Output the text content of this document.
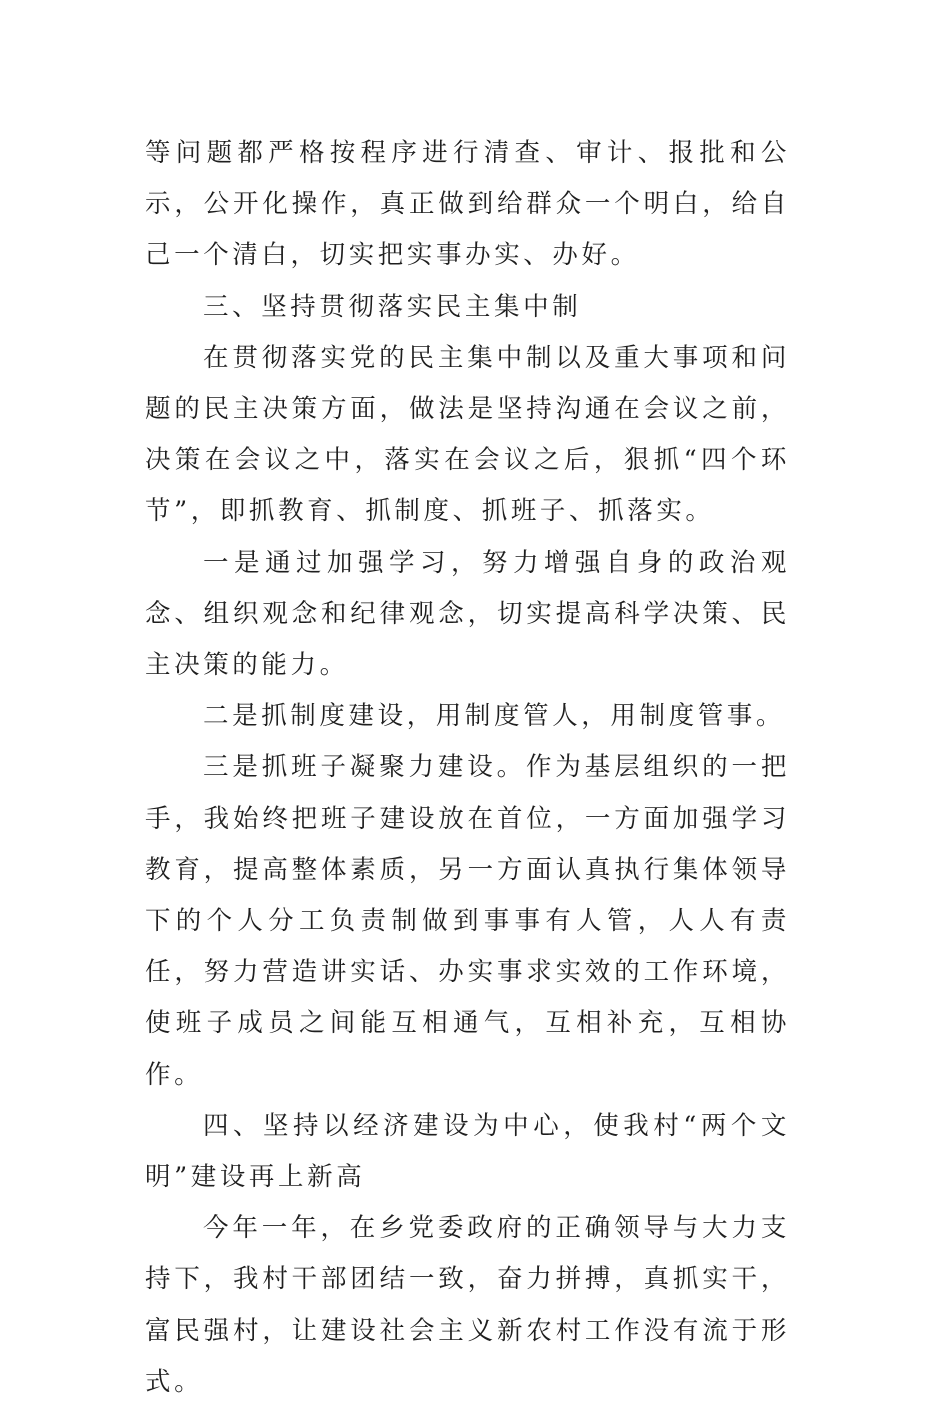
等问题都严格按程序进行清查、审计、报批和公示，公开化操作，真正做到给群众一个明白，给自己一个清白，切实把实事办实、办好。

三、坚持贯彻落实民主集中制

在贯彻落实党的民主集中制以及重大事项和问题的民主决策方面，做法是坚持沟通在会议之前，决策在会议之中，落实在会议之后，狠抓“四个环节”，即抓教育、抓制度、抓班子、抓落实。

一是通过加强学习，努力增强自身的政治观念、组织观念和纪律观念，切实提高科学决策、民主决策的能力。

二是抓制度建设，用制度管人，用制度管事。

三是抓班子凝聚力建设。作为基层组织的一把手，我始终把班子建设放在首位，一方面加强学习教育，提高整体素质，另一方面认真执行集体领导下的个人分工负责制做到事事有人管，人人有责任，努力营造讲实话、办实事求实效的工作环境，使班子成员之间能互相通气，互相补充，互相协作。

四、坚持以经济建设为中心，使我村“两个文明”建设再上新高

今年一年，在乡党委政府的正确领导与大力支持下，我村干部团结一致，奋力拼搏，真抓实干，富民强村，让建设社会主义新农村工作没有流于形式。
